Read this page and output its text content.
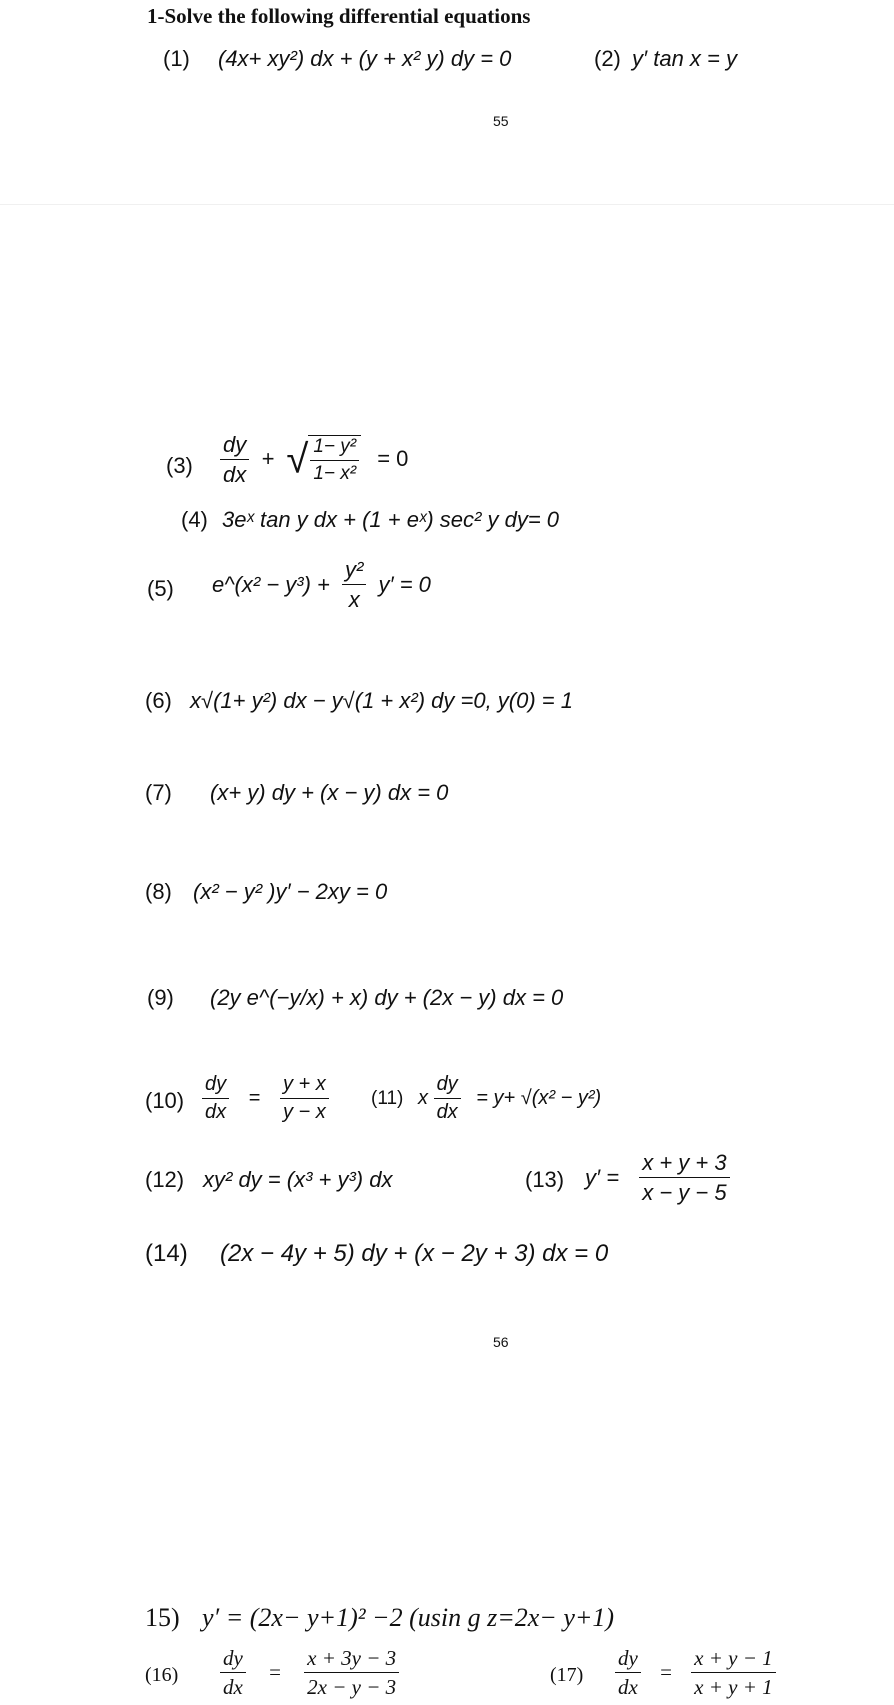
1-Solve the following differential equations
(1) (4x+ xy²) dx + (y + x² y) dy = 0	(2) y′ tan x = y
55
$(3) \frac{dy}{dx}$ + √ $\frac{\text{1− y²}}{\text{1− x²}} = 0$
(4) 3eˣ tan y dx + (1 + eˣ) sec² y dy= 0
(5) e^(x² − $y^3) + \frac{\text{y²}}{x} y' = 0$
(6) x√(1+ y²) dx − y√(1 + x²) dy =0, y(0) = 1
(7) (x+ y) dy + (x − y) dx = 0
(8) (x² − y² )y′ − 2xy = 0
(9) (2y e^(−y/x) + x) dy + (2x − y) dx = 0
$(10) \frac{dy}{dx} = \frac{y + x}{y - x} (11)$ x $\frac{dy}{dx} = y+ √(x^2 - y^2)$
(12) xy² dy = (x³ + y³) dx	(13) $y' = \frac{x + y + 3}{x - y - 5}$
(14) (2x − 4y + 5) dy + (x − 2y + 3) dx = 0
56
15) y′ = (2x− y+1)² −2 (usin g z=2x− y+1)
$(16) \frac{dy}{dx} = \frac{x + 3y - 3}{2x - y - 3}$	$(17) \frac{dy}{dx} = \frac{x + y - 1}{x + y + 1}$
